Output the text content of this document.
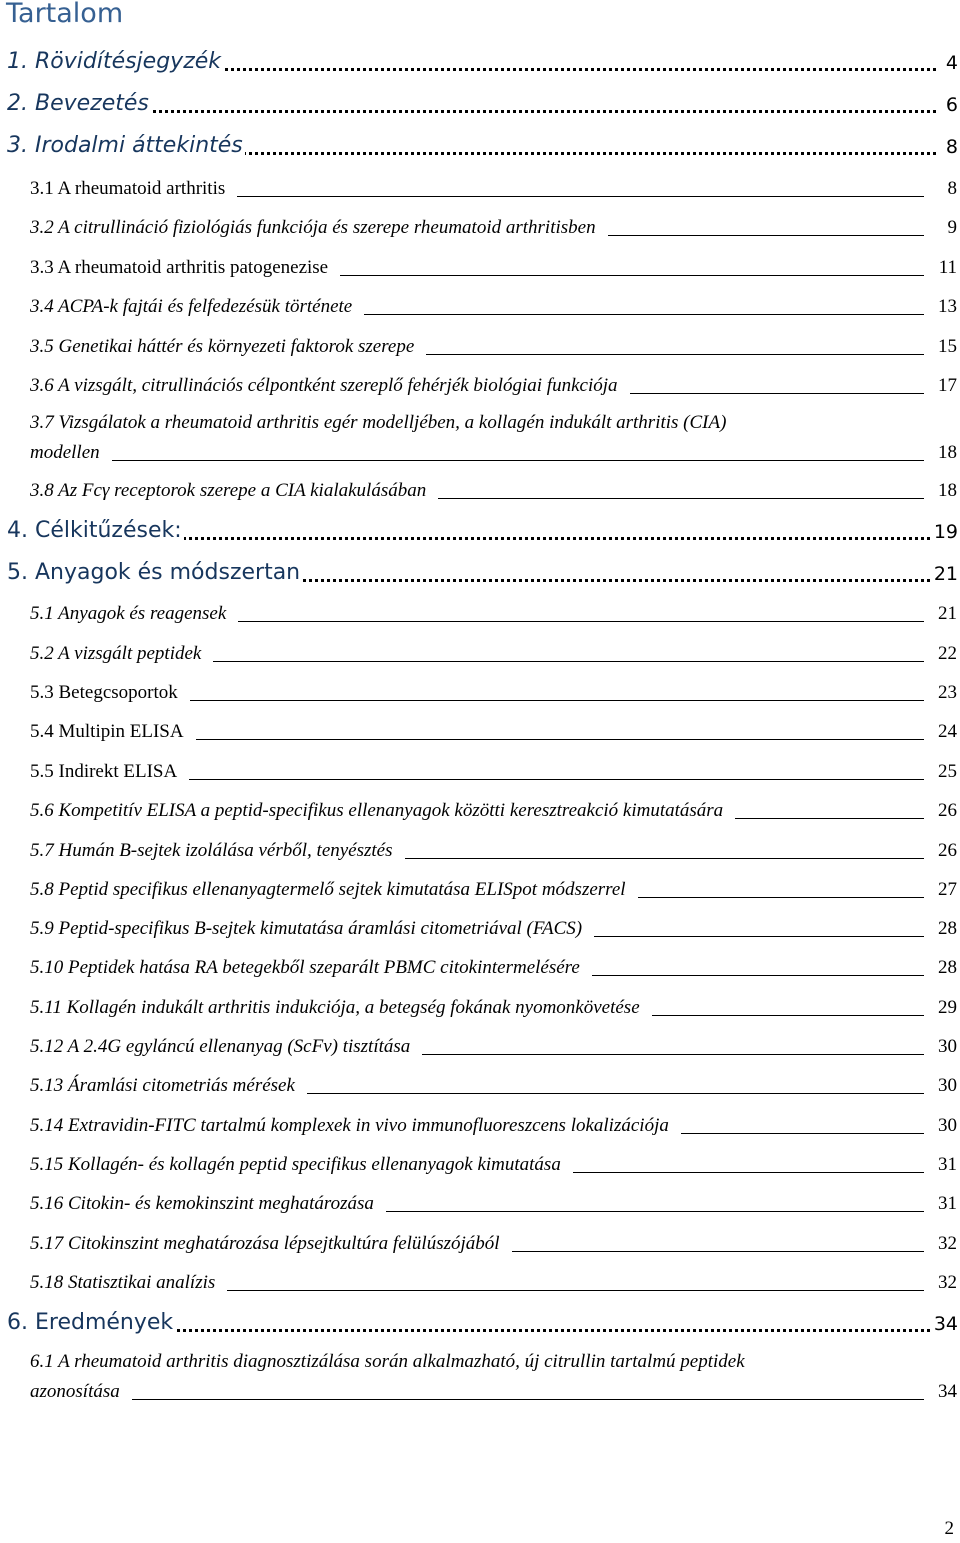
Tartalom
1. Rövidítésjegyzék	4
2. Bevezetés	6
3. Irodalmi áttekintés	8
3.1 A rheumatoid arthritis	8
3.2 A citrullináció fiziológiás funkciója és szerepe rheumatoid arthritisben	9
3.3 A rheumatoid arthritis patogenezise	11
3.4 ACPA-k fajtái és felfedezésük története	13
3.5 Genetikai háttér és környezeti faktorok szerepe	15
3.6 A vizsgált, citrullinációs célpontként szereplő fehérjék biológiai funkciója	17
3.7 Vizsgálatok a rheumatoid arthritis egér modelljében, a kollagén indukált arthritis (CIA)
modellen	18
3.8 Az Fcγ receptorok szerepe a CIA kialakulásában	18
4. Célkitűzések:	19
5. Anyagok és módszertan	21
5.1 Anyagok és reagensek	21
5.2 A vizsgált peptidek	22
5.3 Betegcsoportok	23
5.4 Multipin ELISA	24
5.5 Indirekt ELISA	25
5.6 Kompetitív ELISA a peptid-specifikus ellenanyagok közötti keresztreakció kimutatására	26
5.7 Humán B-sejtek izolálása vérből, tenyésztés	26
5.8 Peptid specifikus ellenanyagtermelő sejtek kimutatása ELISpot módszerrel	27
5.9 Peptid-specifikus B-sejtek kimutatása áramlási citometriával (FACS)	28
5.10 Peptidek hatása RA betegekből szeparált PBMC citokintermelésére	28
5.11 Kollagén indukált arthritis indukciója, a betegség fokának nyomonkövetése	29
5.12 A 2.4G egyláncú ellenanyag (ScFv) tisztítása	30
5.13 Áramlási citometriás mérések	30
5.14 Extravidin-FITC tartalmú komplexek in vivo immunofluoreszcens lokalizációja	30
5.15 Kollagén- és kollagén peptid specifikus ellenanyagok kimutatása	31
5.16 Citokin- és kemokinszint meghatározása	31
5.17 Citokinszint meghatározása lépsejtkultúra felülúszójából	32
5.18 Statisztikai analízis	32
6. Eredmények	34
6.1 A rheumatoid arthritis diagnosztizálása során alkalmazható, új citrullin tartalmú peptidek
azonosítása	34
2
